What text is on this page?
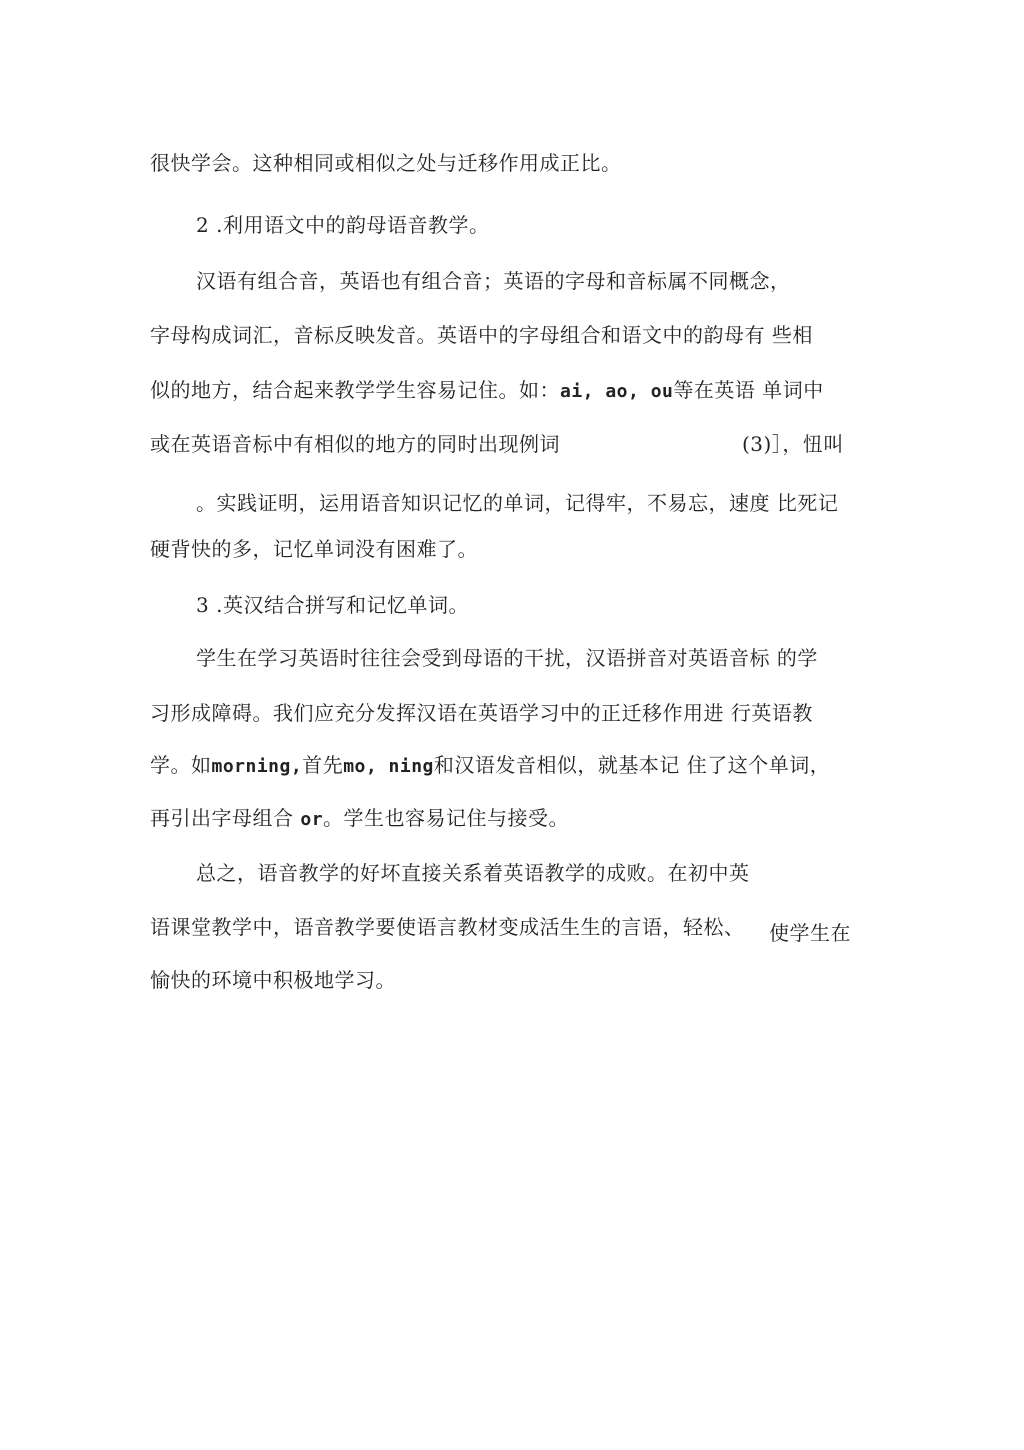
很快学会。这种相同或相似之处与迁移作用成正比。
2 .利用语文中的韵母语音教学。
汉语有组合音，英语也有组合音；英语的字母和音标属不同概念，
字母构成词汇，音标反映发音。英语中的字母组合和语文中的韵母有 些相
似的地方，结合起来教学学生容易记住。如：ai, ao, ou等在英语 单词中
或在英语音标中有相似的地方的同时出现例词	(3)］，忸叫
。实践证明，运用语音知识记忆的单词，记得牢，不易忘，速度 比死记
硬背快的多，记忆单词没有困难了。
3 .英汉结合拼写和记忆单词。
学生在学习英语时往往会受到母语的干扰，汉语拼音对英语音标 的学
习形成障碍。我们应充分发挥汉语在英语学习中的正迁移作用进 行英语教
学。如morning,首先mo, ning和汉语发音相似，就基本记 住了这个单词，
再引出字母组合 or。学生也容易记住与接受。
总之，语音教学的好坏直接关系着英语教学的成败。在初中英
语课堂教学中，语音教学要使语言教材变成活生生的言语，轻松、 使学生在
愉快的环境中积极地学习。
